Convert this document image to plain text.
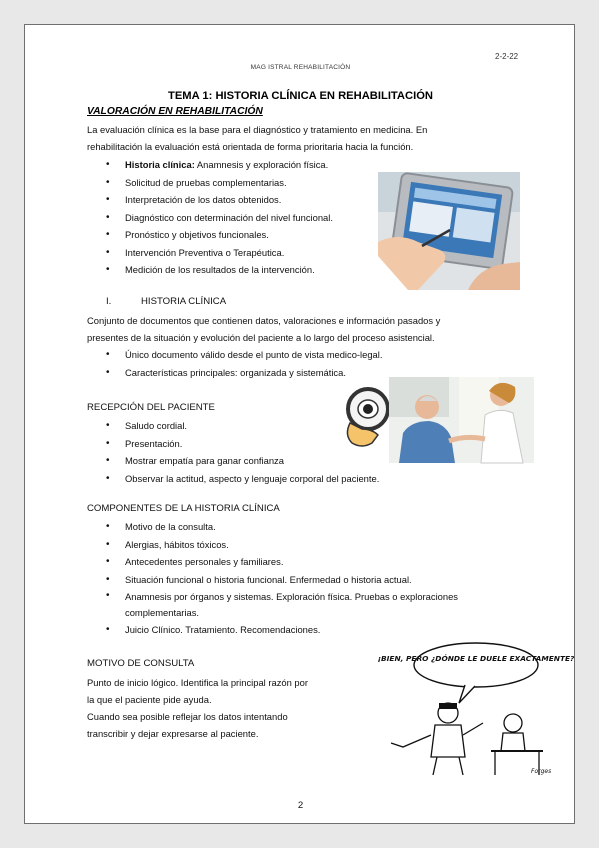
2-2-22
MAG ISTRAL REHABILITACIÓN
TEMA 1: HISTORIA CLÍNICA EN REHABILITACIÓN
VALORACIÓN EN REHABILITACIÓN
La evaluación clínica es la base para el diagnóstico y tratamiento en medicina. En
rehabilitación la evaluación está orientada de forma prioritaria hacia la función.
• Historia clínica: Anamnesis y exploración física.
• Solicitud de pruebas complementarias.
• Interpretación de los datos obtenidos.
• Diagnóstico con determinación del nivel funcional.
• Pronóstico y objetivos funcionales.
• Intervención Preventiva o Terapéutica.
• Medición de los resultados de la intervención.
I.	HISTORIA CLÍNICA
Conjunto de documentos que contienen datos, valoraciones e información pasados y
presentes de la situación y evolución del paciente a lo largo del proceso asistencial.
• Único documento válido desde el punto de vista medico-legal.
• Características principales: organizada y sistemática.
RECEPCIÓN DEL PACIENTE
• Saludo cordial.
• Presentación.
• Mostrar empatía para ganar confianza
• Observar la actitud, aspecto y lenguaje corporal del paciente.
COMPONENTES DE LA HISTORIA CLÍNICA
• Motivo de la consulta.
• Alergias, hábitos tóxicos.
• Antecedentes personales y familiares.
• Situación funcional o historia funcional. Enfermedad o historia actual.
• Anamnesis por órganos y sistemas. Exploración física. Pruebas o exploraciones complementarias.
• Juicio Clínico. Tratamiento. Recomendaciones.
MOTIVO DE CONSULTA
Punto de inicio lógico. Identifica la principal razón por
la que el paciente pide ayuda.
Cuando sea posible reflejar los datos intentando
transcribir y dejar expresarse al paciente.
¡BIEN, PERO ¿DÓNDE LE DUELE EXACTAMENTE?
Forges
2
